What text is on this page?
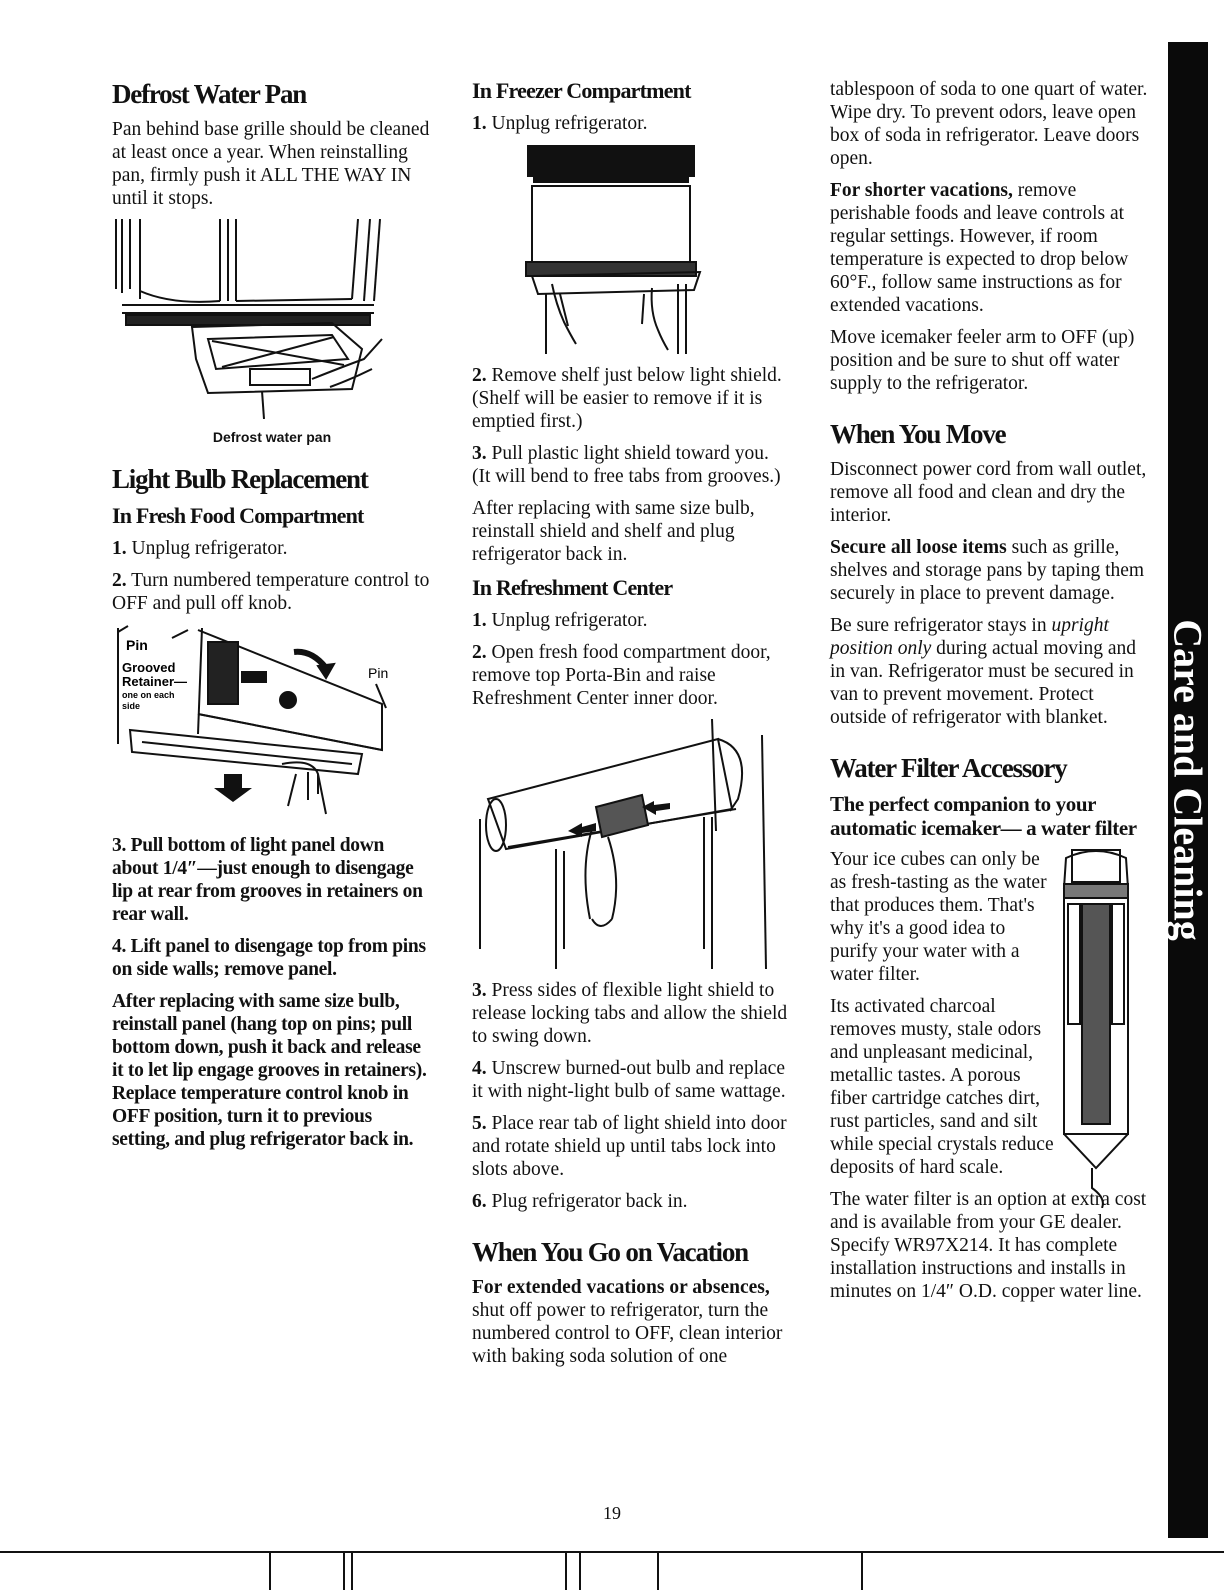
Defrost Water Pan

Pan behind base grille should be cleaned at least once a year. When reinstalling pan, firmly push it ALL THE WAY IN until it stops.

Defrost water pan
Light Bulb Replacement
In Fresh Food Compartment

1. Unplug refrigerator.

2. Turn numbered temperature control to OFF and pull off knob.

Pin
Grooved
Retainer—
one on each
side
Pin

3. Pull bottom of light panel down about 1/4″—just enough to disengage lip at rear from grooves in retainers on rear wall.

4. Lift panel to disengage top from pins on side walls; remove panel.

After replacing with same size bulb, reinstall panel (hang top on pins; pull bottom down, push it back and release it to let lip engage grooves in retainers). Replace temperature control knob in OFF position, turn it to previous setting, and plug refrigerator back in.

In Freezer Compartment

1. Unplug refrigerator.

2. Remove shelf just below light shield. (Shelf will be easier to remove if it is emptied first.)

3. Pull plastic light shield toward you. (It will bend to free tabs from grooves.)

After replacing with same size bulb, reinstall shield and shelf and plug refrigerator back in.

In Refreshment Center

1. Unplug refrigerator.

2. Open fresh food compartment door, remove top Porta-Bin and raise Refreshment Center inner door.

3. Press sides of flexible light shield to release locking tabs and allow the shield to swing down.

4. Unscrew burned-out bulb and replace it with night-light bulb of same wattage.

5. Place rear tab of light shield into door and rotate shield up until tabs lock into slots above.

6. Plug refrigerator back in.

When You Go on Vacation

For extended vacations or absences, shut off power to refrigerator, turn the numbered control to OFF, clean interior with baking soda solution of one

tablespoon of soda to one quart of water. Wipe dry. To prevent odors, leave open box of soda in refrigerator. Leave doors open.

For shorter vacations, remove perishable foods and leave controls at regular settings. However, if room temperature is expected to drop below 60°F., follow same instructions as for extended vacations.

Move icemaker feeler arm to OFF (up) position and be sure to shut off water supply to the refrigerator.

When You Move

Disconnect power cord from wall outlet, remove all food and clean and dry the interior.

Secure all loose items such as grille, shelves and storage pans by taping them securely in place to prevent damage.

Be sure refrigerator stays in upright position only during actual moving and in van. Refrigerator must be secured in van to prevent movement. Protect outside of refrigerator with blanket.

Water Filter Accessory
The perfect companion to your automatic icemaker— a water filter

Your ice cubes can only be as fresh-tasting as the water that produces them. That's why it's a good idea to purify your water with a water filter.

Its activated charcoal removes musty, stale odors and unpleasant medicinal, metallic tastes. A porous fiber cartridge catches dirt, rust particles, sand and silt while special crystals reduce deposits of hard scale.

The water filter is an option at extra cost and is available from your GE dealer. Specify WR97X214. It has complete installation instructions and installs in minutes on 1/4″ O.D. copper water line.

Care and Cleaning
19
